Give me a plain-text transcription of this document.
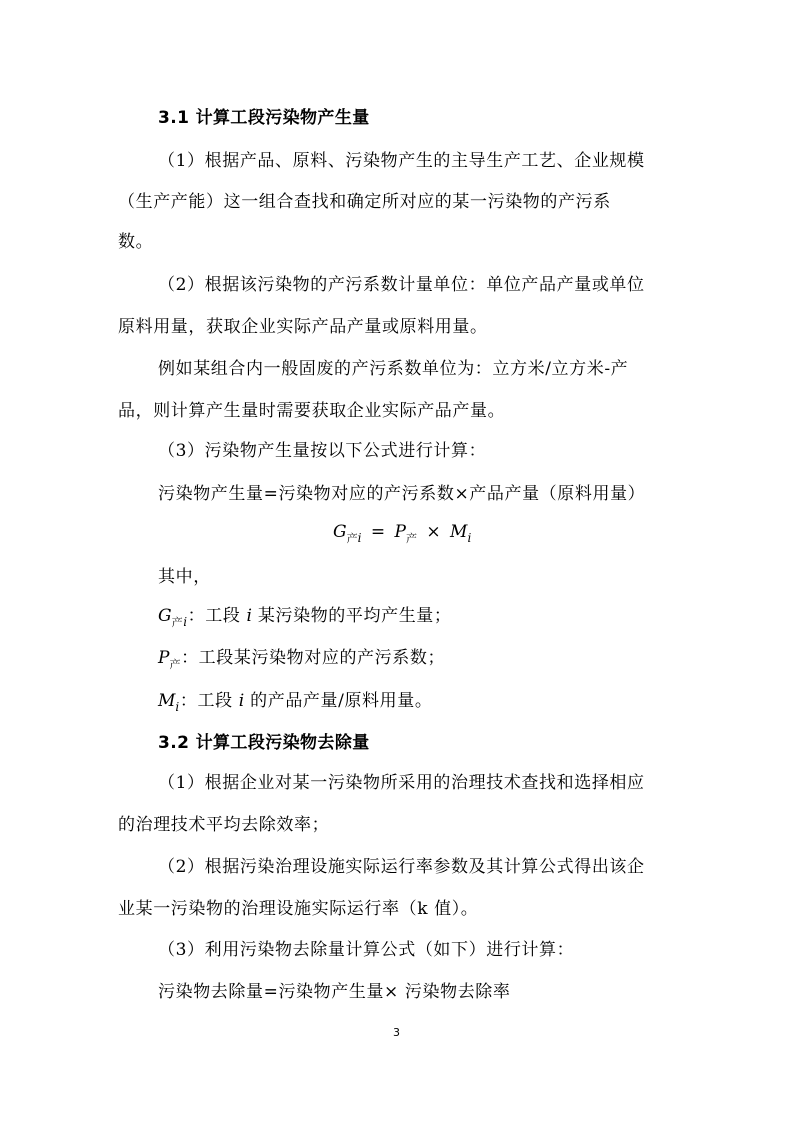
3.1 计算工段污染物产生量
（1）根据产品、原料、污染物产生的主导生产工艺、企业规模
（生产产能）这一组合查找和确定所对应的某一污染物的产污系
数。
（2）根据该污染物的产污系数计量单位：单位产品产量或单位
原料用量，获取企业实际产品产量或原料用量。
例如某组合内一般固废的产污系数单位为：立方米/立方米-产
品，则计算产生量时需要获取企业实际产品产量。
（3）污染物产生量按以下公式进行计算：
污染物产生量=污染物对应的产污系数×产品产量（原料用量）
$G_{产i} = P_产 \times M_i$
其中，
$G_{产i}$：工段 i 某污染物的平均产生量；
$P_产$：工段某污染物对应的产污系数；
$M_i$：工段 i 的产品产量/原料用量。
3.2 计算工段污染物去除量
（1）根据企业对某一污染物所采用的治理技术查找和选择相应
的治理技术平均去除效率；
（2）根据污染治理设施实际运行率参数及其计算公式得出该企
业某一污染物的治理设施实际运行率（k 值）。
（3）利用污染物去除量计算公式（如下）进行计算：
污染物去除量=污染物产生量× 污染物去除率
3
